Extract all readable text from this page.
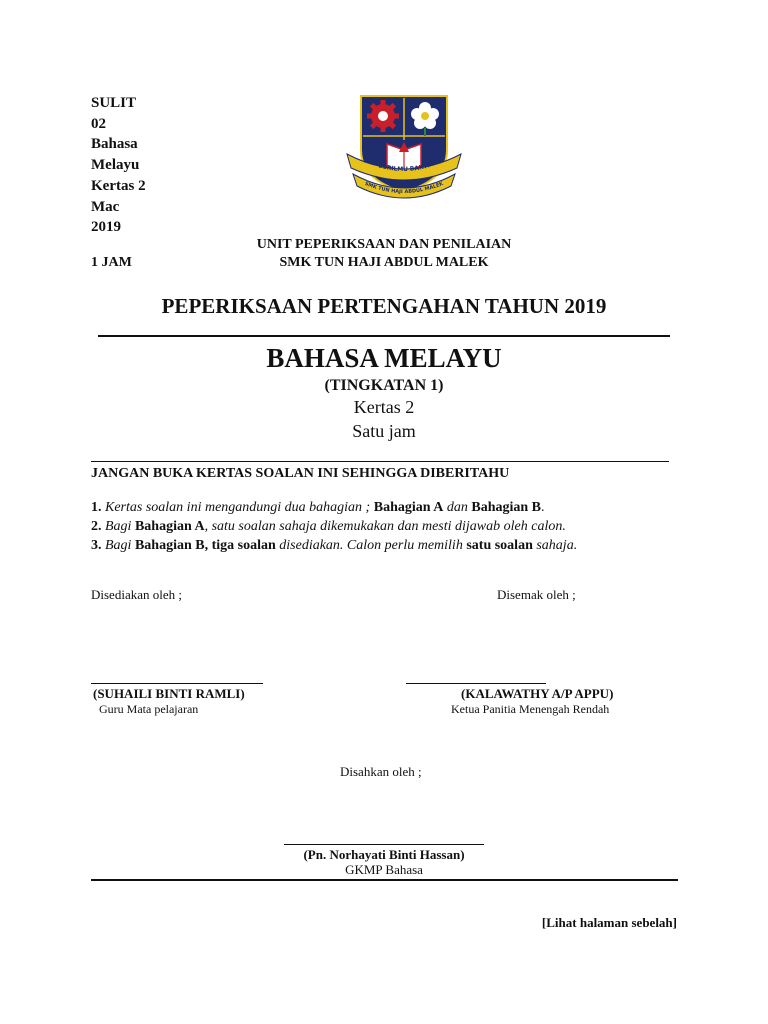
SULIT
02
Bahasa
Melayu
Kertas 2
Mac
2019
BERILMU BAKTI
SMK TUN HAJI ABDUL MALEK
UNIT PEPERIKSAAN DAN PENILAIAN
SMK TUN HAJI ABDUL MALEK
1 JAM
PEPERIKSAAN PERTENGAHAN TAHUN 2019
BAHASA MELAYU
(TINGKATAN 1)
Kertas 2
Satu jam
JANGAN BUKA KERTAS SOALAN INI SEHINGGA DIBERITAHU
1. Kertas soalan ini mengandungi dua bahagian ; Bahagian A dan Bahagian B.
2. Bagi Bahagian A, satu soalan sahaja dikemukakan dan mesti dijawab oleh calon.
3. Bagi Bahagian B, tiga soalan disediakan. Calon perlu memilih satu soalan sahaja.
Disediakan oleh ;	Disemak oleh ;
(SUHAILI BINTI RAMLI)
Guru Mata pelajaran
(KALAWATHY A/P APPU)
Ketua Panitia Menengah Rendah
Disahkan oleh ;
(Pn. Norhayati Binti Hassan)
GKMP Bahasa
[Lihat halaman sebelah]
